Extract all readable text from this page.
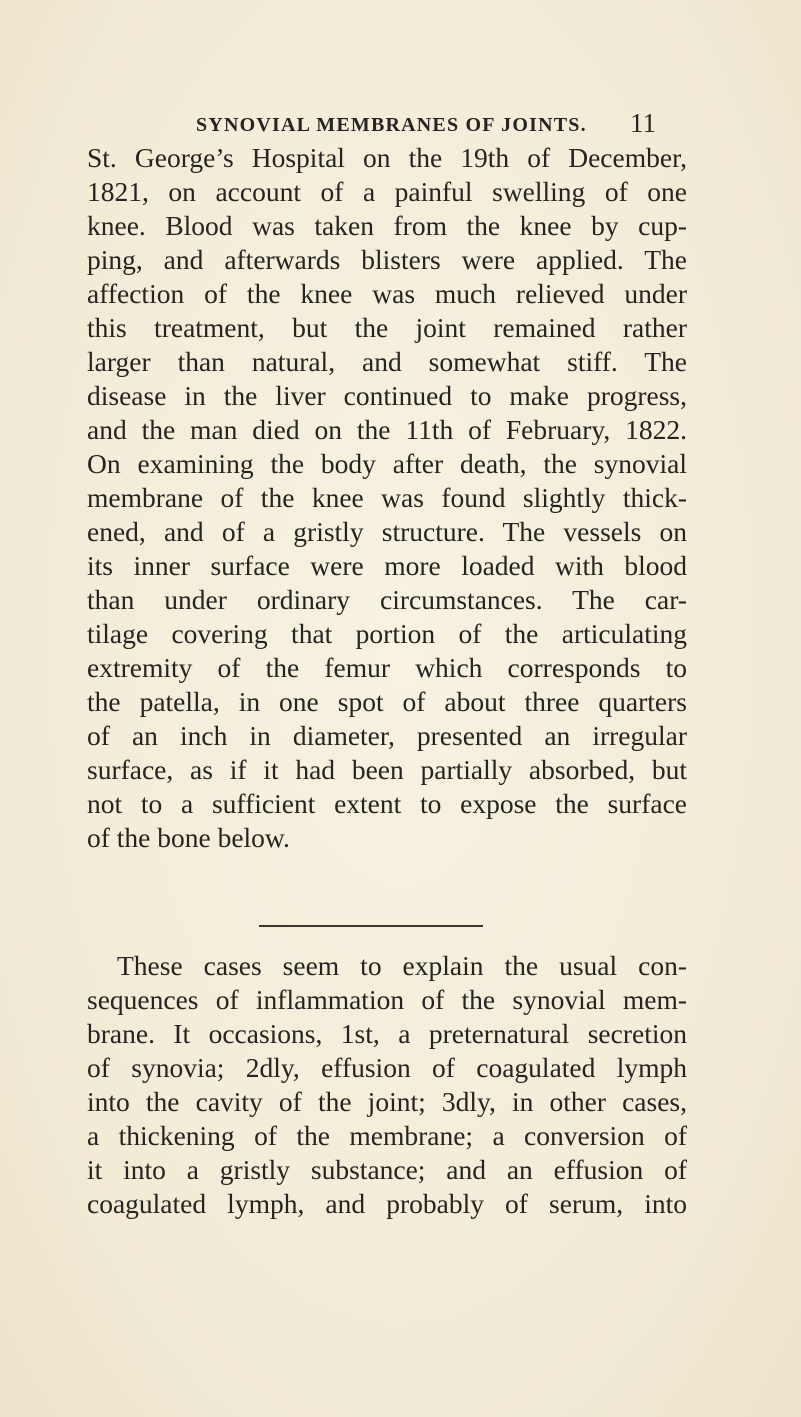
SYNOVIAL MEMBRANES OF JOINTS. 11
St. George’s Hospital on the 19th of December,
1821, on account of a painful swelling of one
knee. Blood was taken from the knee by cup-
ping, and afterwards blisters were applied. The
affection of the knee was much relieved under
this treatment, but the joint remained rather
larger than natural, and somewhat stiff. The
disease in the liver continued to make progress,
and the man died on the 11th of February, 1822.
On examining the body after death, the synovial
membrane of the knee was found slightly thick-
ened, and of a gristly structure. The vessels on
its inner surface were more loaded with blood
than under ordinary circumstances. The car-
tilage covering that portion of the articulating
extremity of the femur which corresponds to
the patella, in one spot of about three quarters
of an inch in diameter, presented an irregular
surface, as if it had been partially absorbed, but
not to a sufficient extent to expose the surface
of the bone below.
These cases seem to explain the usual con-
sequences of inflammation of the synovial mem-
brane. It occasions, 1st, a preternatural secretion
of synovia; 2dly, effusion of coagulated lymph
into the cavity of the joint; 3dly, in other cases,
a thickening of the membrane; a conversion of
it into a gristly substance; and an effusion of
coagulated lymph, and probably of serum, into
